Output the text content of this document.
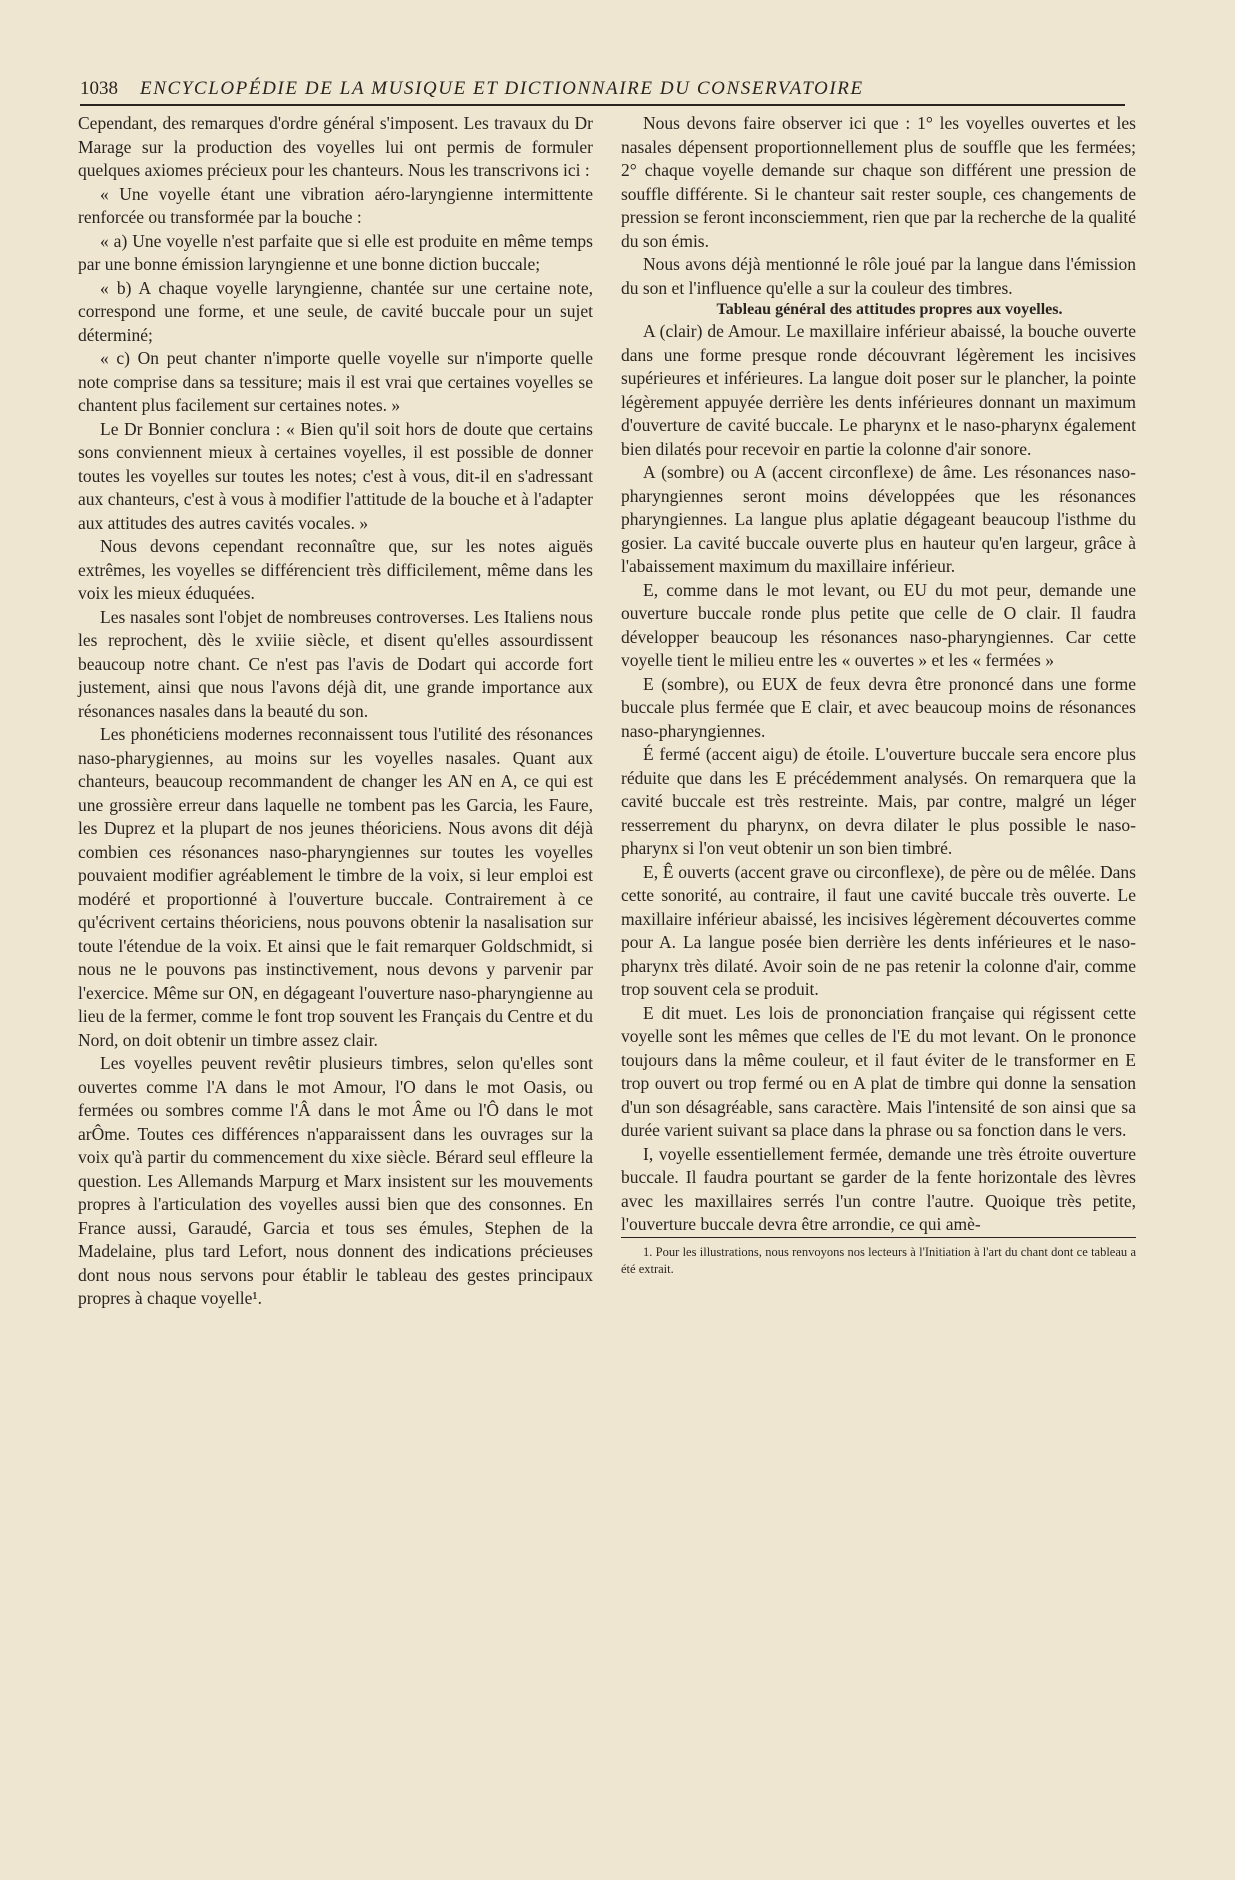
1038 ENCYCLOPÉDIE DE LA MUSIQUE ET DICTIONNAIRE DU CONSERVATOIRE

Cependant, des remarques d'ordre général s'imposent. Les travaux du Dr Marage sur la production des voyelles lui ont permis de formuler quelques axiomes précieux pour les chanteurs. Nous les transcrivons ici :

« Une voyelle étant une vibration aéro-laryngienne intermittente renforcée ou transformée par la bouche :

« a) Une voyelle n'est parfaite que si elle est produite en même temps par une bonne émission laryngienne et une bonne diction buccale;

« b) A chaque voyelle laryngienne, chantée sur une certaine note, correspond une forme, et une seule, de cavité buccale pour un sujet déterminé;

« c) On peut chanter n'importe quelle voyelle sur n'importe quelle note comprise dans sa tessiture; mais il est vrai que certaines voyelles se chantent plus facilement sur certaines notes. »

Le Dr Bonnier conclura : « Bien qu'il soit hors de doute que certains sons conviennent mieux à certaines voyelles, il est possible de donner toutes les voyelles sur toutes les notes; c'est à vous, dit-il en s'adressant aux chanteurs, c'est à vous à modifier l'attitude de la bouche et à l'adapter aux attitudes des autres cavités vocales. »

Nous devons cependant reconnaître que, sur les notes aiguës extrêmes, les voyelles se différencient très difficilement, même dans les voix les mieux éduquées.

Les nasales sont l'objet de nombreuses controverses. Les Italiens nous les reprochent, dès le xviiie siècle, et disent qu'elles assourdissent beaucoup notre chant. Ce n'est pas l'avis de Dodart qui accorde fort justement, ainsi que nous l'avons déjà dit, une grande importance aux résonances nasales dans la beauté du son.

Les phonéticiens modernes reconnaissent tous l'utilité des résonances naso-pharygiennes, au moins sur les voyelles nasales. Quant aux chanteurs, beaucoup recommandent de changer les AN en A, ce qui est une grossière erreur dans laquelle ne tombent pas les Garcia, les Faure, les Duprez et la plupart de nos jeunes théoriciens. Nous avons dit déjà combien ces résonances naso-pharyngiennes sur toutes les voyelles pouvaient modifier agréablement le timbre de la voix, si leur emploi est modéré et proportionné à l'ouverture buccale. Contrairement à ce qu'écrivent certains théoriciens, nous pouvons obtenir la nasalisation sur toute l'étendue de la voix. Et ainsi que le fait remarquer Goldschmidt, si nous ne le pouvons pas instinctivement, nous devons y parvenir par l'exercice. Même sur ON, en dégageant l'ouverture naso-pharyngienne au lieu de la fermer, comme le font trop souvent les Français du Centre et du Nord, on doit obtenir un timbre assez clair.

Les voyelles peuvent revêtir plusieurs timbres, selon qu'elles sont ouvertes comme l'A dans le mot Amour, l'O dans le mot Oasis, ou fermées ou sombres comme l'Â dans le mot Âme ou l'Ô dans le mot arÔme. Toutes ces différences n'apparaissent dans les ouvrages sur la voix qu'à partir du commencement du xixe siècle. Bérard seul effleure la question. Les Allemands Marpurg et Marx insistent sur les mouvements propres à l'articulation des voyelles aussi bien que des consonnes. En France aussi, Garaudé, Garcia et tous ses émules, Stephen de la Madelaine, plus tard Lefort, nous donnent des indications précieuses dont nous nous servons pour établir le tableau des gestes principaux propres à chaque voyelle¹.

Nous devons faire observer ici que : 1° les voyelles ouvertes et les nasales dépensent proportionnellement plus de souffle que les fermées; 2° chaque voyelle demande sur chaque son différent une pression de souffle différente. Si le chanteur sait rester souple, ces changements de pression se feront inconsciemment, rien que par la recherche de la qualité du son émis.

Nous avons déjà mentionné le rôle joué par la langue dans l'émission du son et l'influence qu'elle a sur la couleur des timbres.

Tableau général des attitudes propres aux voyelles.

A (clair) de Amour. Le maxillaire inférieur abaissé, la bouche ouverte dans une forme presque ronde découvrant légèrement les incisives supérieures et inférieures. La langue doit poser sur le plancher, la pointe légèrement appuyée derrière les dents inférieures donnant un maximum d'ouverture de cavité buccale. Le pharynx et le naso-pharynx également bien dilatés pour recevoir en partie la colonne d'air sonore.

A (sombre) ou A (accent circonflexe) de âme. Les résonances naso-pharyngiennes seront moins développées que les résonances pharyngiennes. La langue plus aplatie dégageant beaucoup l'isthme du gosier. La cavité buccale ouverte plus en hauteur qu'en largeur, grâce à l'abaissement maximum du maxillaire inférieur.

E, comme dans le mot levant, ou EU du mot peur, demande une ouverture buccale ronde plus petite que celle de O clair. Il faudra développer beaucoup les résonances naso-pharyngiennes. Car cette voyelle tient le milieu entre les « ouvertes » et les « fermées »

E (sombre), ou EUX de feux devra être prononcé dans une forme buccale plus fermée que E clair, et avec beaucoup moins de résonances naso-pharyngiennes.

É fermé (accent aigu) de étoile. L'ouverture buccale sera encore plus réduite que dans les E précédemment analysés. On remarquera que la cavité buccale est très restreinte. Mais, par contre, malgré un léger resserrement du pharynx, on devra dilater le plus possible le naso-pharynx si l'on veut obtenir un son bien timbré.

E, Ê ouverts (accent grave ou circonflexe), de père ou de mêlée. Dans cette sonorité, au contraire, il faut une cavité buccale très ouverte. Le maxillaire inférieur abaissé, les incisives légèrement découvertes comme pour A. La langue posée bien derrière les dents inférieures et le naso-pharynx très dilaté. Avoir soin de ne pas retenir la colonne d'air, comme trop souvent cela se produit.

E dit muet. Les lois de prononciation française qui régissent cette voyelle sont les mêmes que celles de l'E du mot levant. On le prononce toujours dans la même couleur, et il faut éviter de le transformer en E trop ouvert ou trop fermé ou en A plat de timbre qui donne la sensation d'un son désagréable, sans caractère. Mais l'intensité de son ainsi que sa durée varient suivant sa place dans la phrase ou sa fonction dans le vers.

I, voyelle essentiellement fermée, demande une très étroite ouverture buccale. Il faudra pourtant se garder de la fente horizontale des lèvres avec les maxillaires serrés l'un contre l'autre. Quoique très petite, l'ouverture buccale devra être arrondie, ce qui amè-

1. Pour les illustrations, nous renvoyons nos lecteurs à l'Initiation à l'art du chant dont ce tableau a été extrait.
